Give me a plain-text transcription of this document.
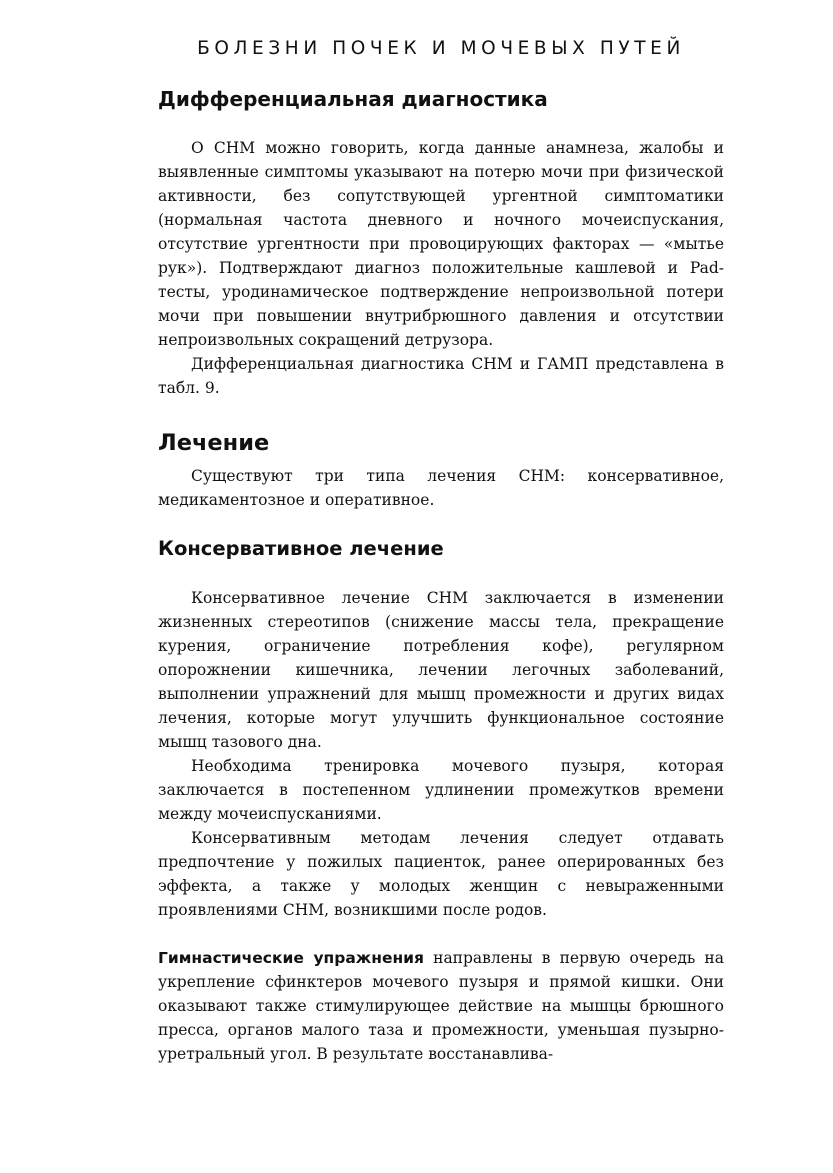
БОЛЕЗНИ ПОЧЕК И МОЧЕВЫХ ПУТЕЙ
Дифференциальная диагностика

О СНМ можно говорить, когда данные анамнеза, жалобы и выявленные симптомы указывают на потерю мочи при физической активности, без сопутствующей ургентной симптоматики (нормальная частота дневного и ночного мочеиспускания, отсутствие ургентности при провоцирующих факторах — «мытье рук»). Подтверждают диагноз положительные кашлевой и Pad-тесты, уродинамическое подтверждение непроизвольной потери мочи при повышении внутрибрюшного давления и отсутствии непроизвольных сокращений детрузора.

Дифференциальная диагностика СНМ и ГАМП представлена в табл. 9.

Лечение

Существуют три типа лечения СНМ: консервативное, медикаментозное и оперативное.

Консервативное лечение

Консервативное лечение СНМ заключается в изменении жизненных стереотипов (снижение массы тела, прекращение курения, ограничение потребления кофе), регулярном опорожнении кишечника, лечении легочных заболеваний, выполнении упражнений для мышц промежности и других видах лечения, которые могут улучшить функциональное состояние мышц тазового дна.

Необходима тренировка мочевого пузыря, которая заключается в постепенном удлинении промежутков времени между мочеиспусканиями.

Консервативным методам лечения следует отдавать предпочтение у пожилых пациенток, ранее оперированных без эффекта, а также у молодых женщин с невыраженными проявлениями СНМ, возникшими после родов.

Гимнастические упражнения направлены в первую очередь на укрепление сфинктеров мочевого пузыря и прямой кишки. Они оказывают также стимулирующее действие на мышцы брюшного пресса, органов малого таза и промежности, уменьшая пузырно-уретральный угол. В результате восстанавлива-
